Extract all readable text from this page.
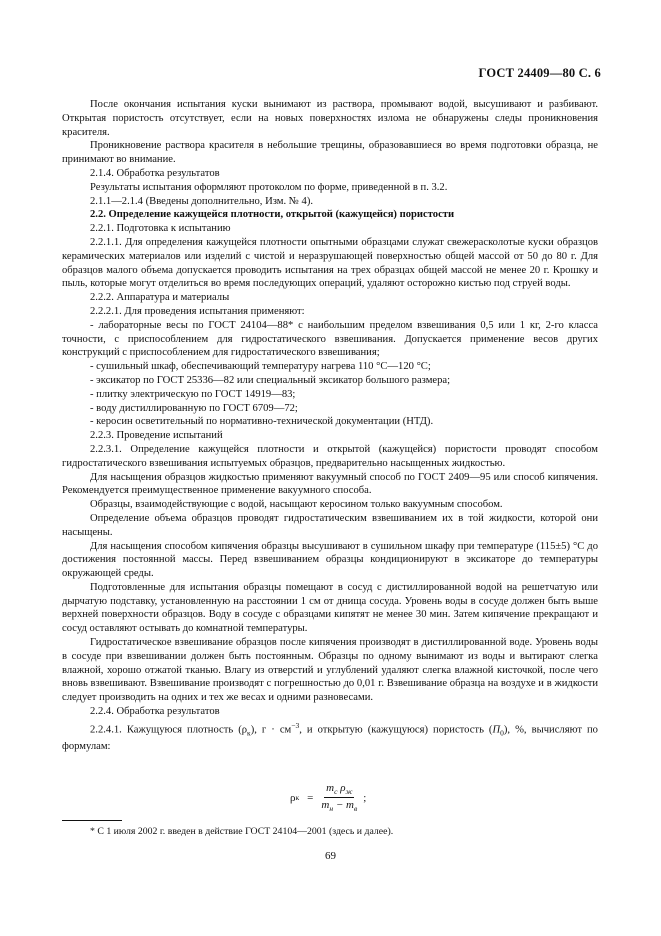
ГОСТ 24409—80 С. 6

После окончания испытания куски вынимают из раствора, промывают водой, высушивают и разбивают. Открытая пористость отсутствует, если на новых поверхностях излома не обнаружены следы проникновения красителя.

Проникновение раствора красителя в небольшие трещины, образовавшиеся во время подготовки образца, не принимают во внимание.

2.1.4. Обработка результатов

Результаты испытания оформляют протоколом по форме, приведенной в п. 3.2.

2.1.1—2.1.4 (Введены дополнительно, Изм. № 4).

2.2. Определение кажущейся плотности, открытой (кажущейся) пористости

2.2.1. Подготовка к испытанию

2.2.1.1. Для определения кажущейся плотности опытными образцами служат свежерасколотые куски образцов керамических материалов или изделий с чистой и неразрушающей поверхностью общей массой от 50 до 80 г. Для образцов малого объема допускается проводить испытания на трех образцах общей массой не менее 20 г. Крошку и пыль, которые могут отделиться во время последующих операций, удаляют осторожно кистью под струей воды.

2.2.2. Аппаратура и материалы

2.2.2.1. Для проведения испытания применяют:

- лабораторные весы по ГОСТ 24104—88* с наибольшим пределом взвешивания 0,5 или 1 кг, 2-го класса точности, с приспособлением для гидростатического взвешивания. Допускается применение весов других конструкций с приспособлением для гидростатического взвешивания;

- сушильный шкаф, обеспечивающий температуру нагрева 110 °С—120 °С;

- эксикатор по ГОСТ 25336—82 или специальный эксикатор большого размера;

- плитку электрическую по ГОСТ 14919—83;

- воду дистиллированную по ГОСТ 6709—72;

- керосин осветительный по нормативно-технической документации (НТД).

2.2.3. Проведение испытаний

2.2.3.1. Определение кажущейся плотности и открытой (кажущейся) пористости проводят способом гидростатического взвешивания испытуемых образцов, предварительно насыщенных жидкостью.

Для насыщения образцов жидкостью применяют вакуумный способ по ГОСТ 2409—95 или способ кипячения. Рекомендуется преимущественное применение вакуумного способа.

Образцы, взаимодействующие с водой, насыщают керосином только вакуумным способом.

Определение объема образцов проводят гидростатическим взвешиванием их в той жидкости, которой они насыщены.

Для насыщения способом кипячения образцы высушивают в сушильном шкафу при температуре (115±5) °С до достижения постоянной массы. Перед взвешиванием образцы кондиционируют в эксикаторе до температуры окружающей среды.

Подготовленные для испытания образцы помещают в сосуд с дистиллированной водой на решетчатую или дырчатую подставку, установленную на расстоянии 1 см от днища сосуда. Уровень воды в сосуде должен быть выше верхней поверхности образцов. Воду в сосуде с образцами кипятят не менее 30 мин. Затем кипячение прекращают и сосуд оставляют остывать до комнатной температуры.

Гидростатическое взвешивание образцов после кипячения производят в дистиллированной воде. Уровень воды в сосуде при взвешивании должен быть постоянным. Образцы по одному вынимают из воды и вытирают слегка влажной, хорошо отжатой тканью. Влагу из отверстий и углублений удаляют слегка влажной кисточкой, после чего вновь взвешивают. Взвешивание производят с погрешностью до 0,01 г. Взвешивание образца на воздухе и в жидкости следует производить на одних и тех же весах и одними разновесами.

2.2.4. Обработка результатов

2.2.4.1. Кажущуюся плотность $(\rho_к)$, $г \cdot см^{-3}$, и открытую (кажущуюся) пористость $(П_0)$, %, вычисляют по формулам:

ρ $к = \frac{m_c \rho_ж}{m_н - m_в}$ ;
* С 1 июля 2002 г. введен в действие ГОСТ 24104—2001 (здесь и далее).
69
